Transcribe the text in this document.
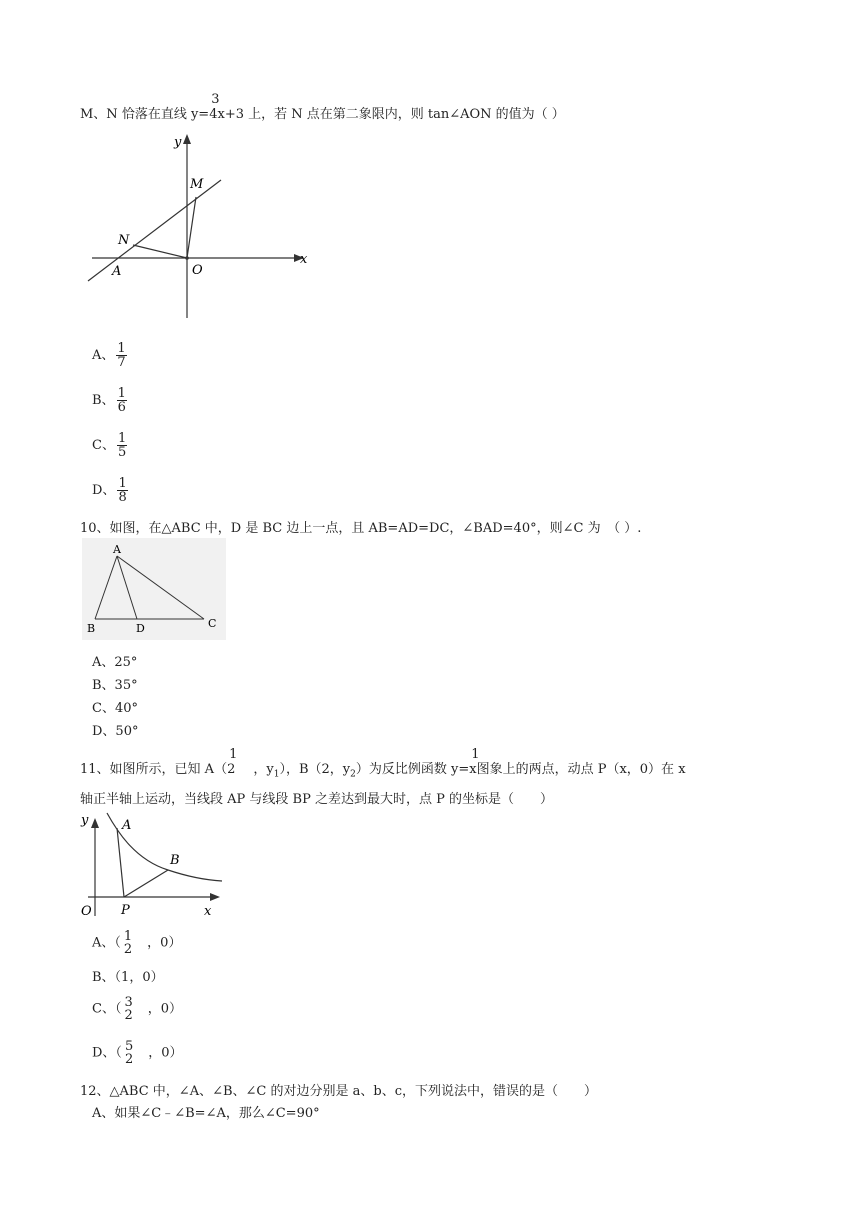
M、N 恰落在直线 y=
3
4x+3 上，若 N 点在第二象限内，则 tan∠AON 的值为（ ）
y
x
M
N
O
A
A、 $\frac{1}{7}$
B、 $\frac{1}{6}$
C、 $\frac{1}{5}$
D、 $\frac{1}{8}$
10、如图，在△ABC 中，D 是 BC 边上一点，且 AB=AD=DC，∠BAD=40°，则∠C 为　（ ）.
A
B	D	C
A、25°
B、35°
C、40°
D、50°
11、如图所示，已知 A（
1
2 ，$y_1$），B（2，$y_2$）为反比例函数 y=
1
x图象上的两点，动点 P（x，0）在 x
轴正半轴上运动，当线段 AP 与线段 BP 之差达到最大时，点 P 的坐标是（　　）
y
x
A
B
O P
A、（ 1
2 ，0）
B、（1，0）
C、（ 3
2 ，0）
D、（ 5
2 ，0）
12、△ABC 中，∠A、∠B、∠C 的对边分别是 a、b、c，下列说法中，错误的是（　　）
A、如果∠C﹣∠B=∠A，那么∠C=90°
